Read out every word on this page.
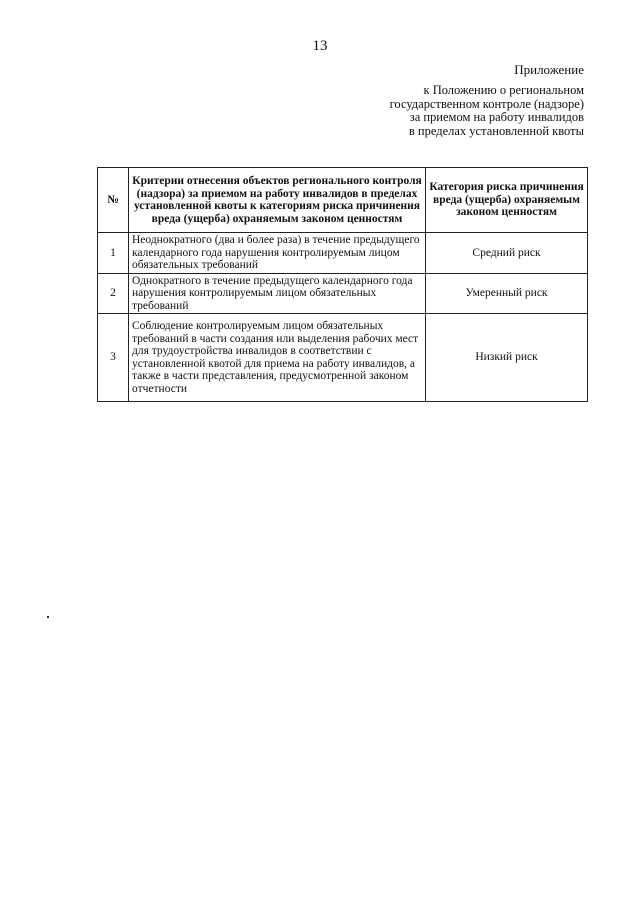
13
Приложение
к Положению о региональном
государственном контроле (надзоре)
за приемом на работу инвалидов
в пределах установленной квоты
№	Критерии отнесения объектов регионального контроля (надзора) за приемом на работу инвалидов в пределах установленной квоты к категориям риска причинения вреда (ущерба) охраняемым законом ценностям	Категория риска причинения вреда (ущерба) охраняемым законом ценностям
1	Неоднократного (два и более раза) в течение предыдущего календарного года нарушения контролируемым лицом обязательных требований	Средний риск
2	Однократного в течение предыдущего календарного года нарушения контролируемым лицом обязательных требований	Умеренный риск
3	Соблюдение контролируемым лицом обязательных требований в части создания или выделения рабочих мест для трудоустройства инвалидов в соответствии с установленной квотой для приема на работу инвалидов, а также в части представления, предусмотренной законом отчетности	Низкий риск
